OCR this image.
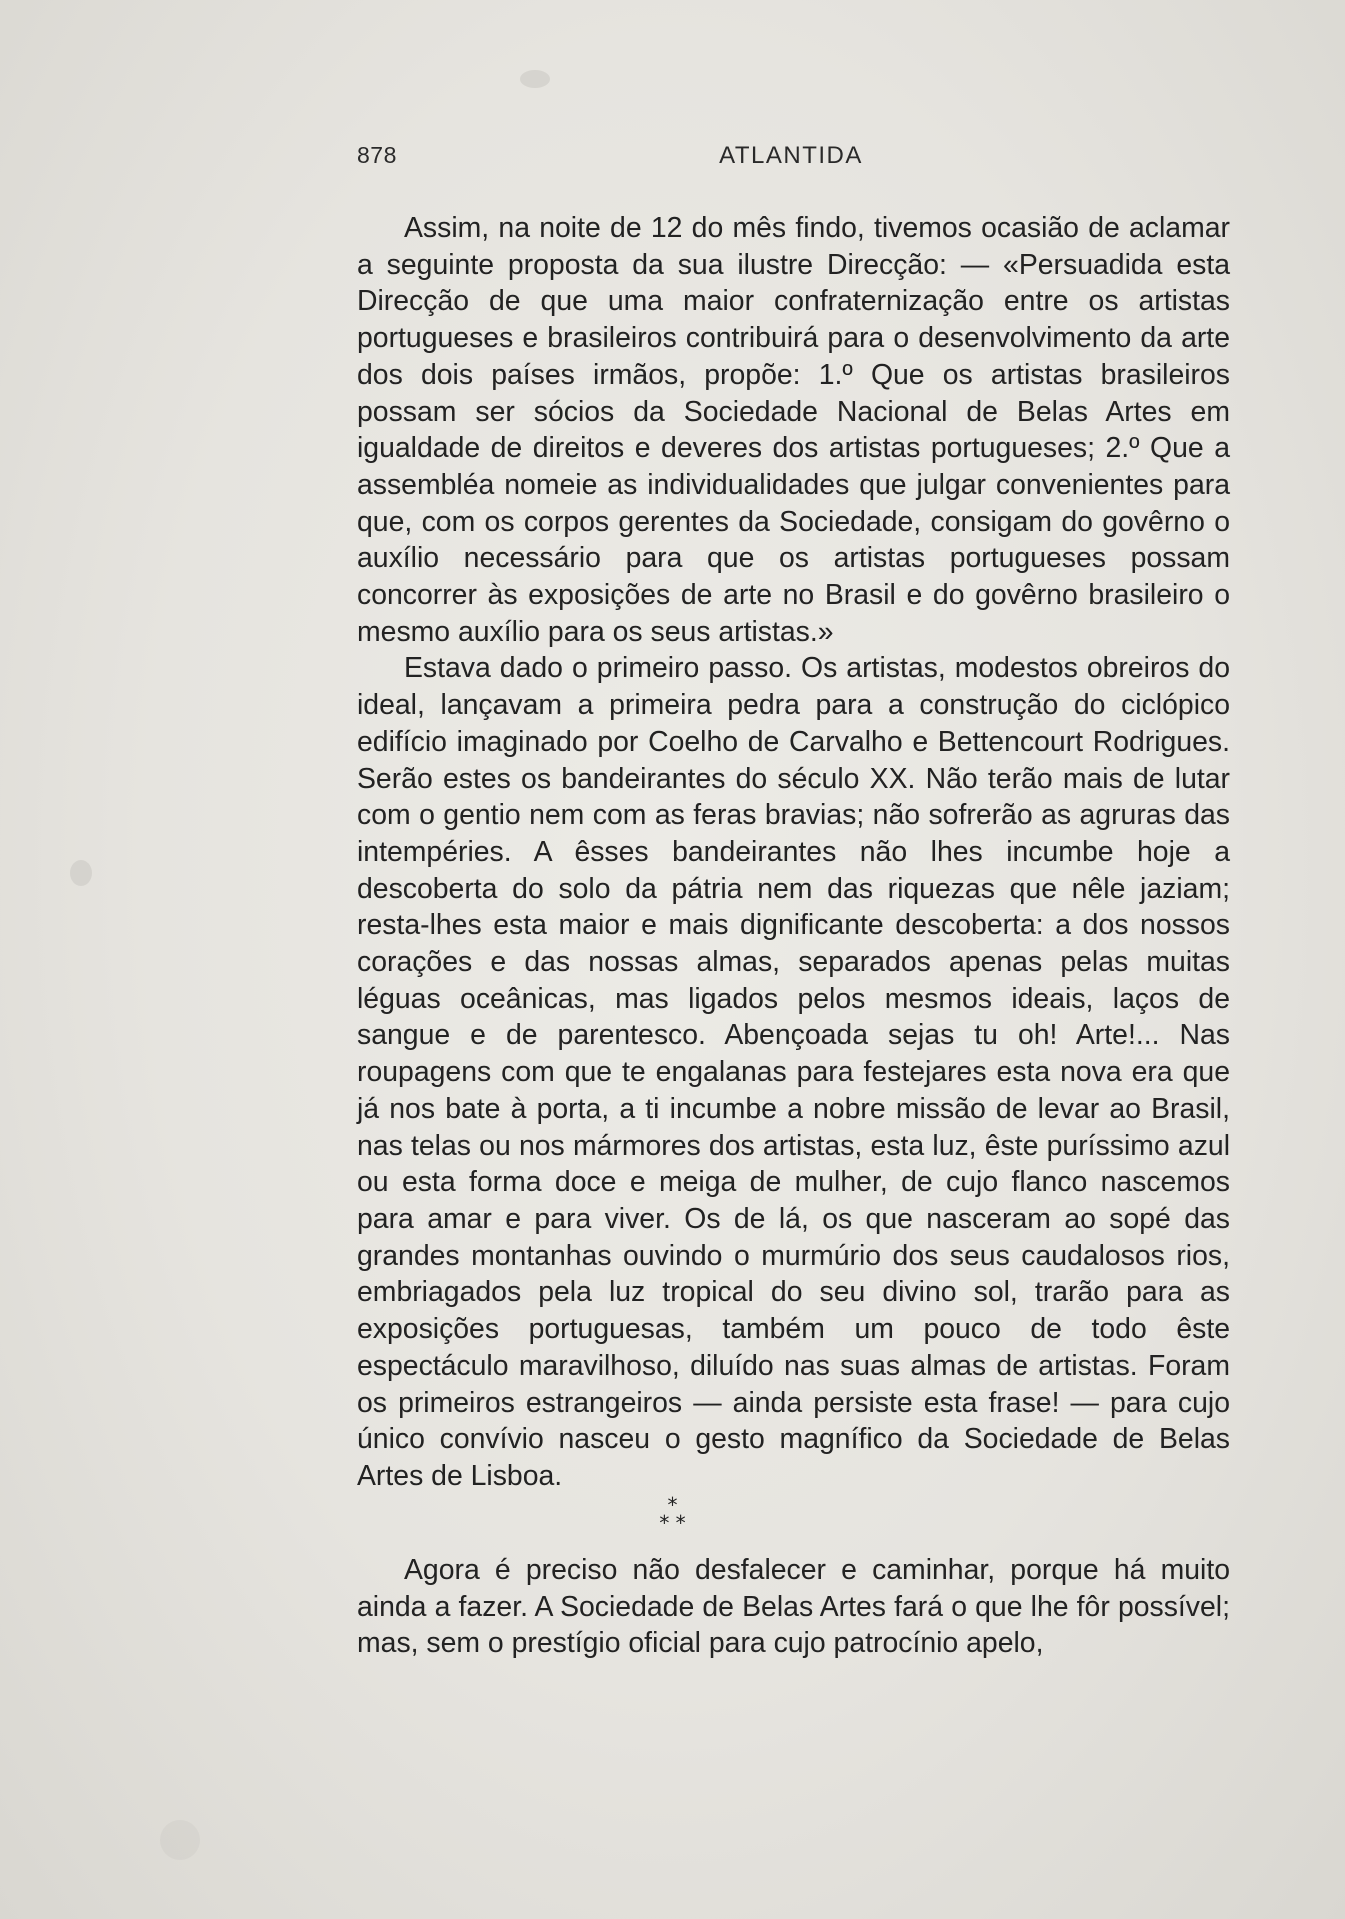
878	ATLANTIDA

Assim, na noite de 12 do mês findo, tivemos ocasião de aclamar a seguinte proposta da sua ilustre Direcção: — «Persuadida esta Direcção de que uma maior confraternização entre os artistas portugueses e brasileiros contribuirá para o desenvolvimento da arte dos dois países irmãos, propõe: 1.º Que os artistas brasileiros possam ser sócios da Sociedade Nacional de Belas Artes em igualdade de direitos e deveres dos artistas portugueses; 2.º Que a assembléa nomeie as individualidades que julgar convenientes para que, com os corpos gerentes da Sociedade, consigam do govêrno o auxílio necessário para que os artistas portugueses possam concorrer às exposições de arte no Brasil e do govêrno brasileiro o mesmo auxílio para os seus artistas.»

Estava dado o primeiro passo. Os artistas, modestos obreiros do ideal, lançavam a primeira pedra para a construção do ciclópico edifício imaginado por Coelho de Carvalho e Bettencourt Rodrigues. Serão estes os bandeirantes do século XX. Não terão mais de lutar com o gentio nem com as feras bravias; não sofrerão as agruras das intempéries. A êsses bandeirantes não lhes incumbe hoje a descoberta do solo da pátria nem das riquezas que nêle jaziam; resta-lhes esta maior e mais dignificante descoberta: a dos nossos corações e das nossas almas, separados apenas pelas muitas léguas oceânicas, mas ligados pelos mesmos ideais, laços de sangue e de parentesco. Abençoada sejas tu oh! Arte!... Nas roupagens com que te engalanas para festejares esta nova era que já nos bate à porta, a ti incumbe a nobre missão de levar ao Brasil, nas telas ou nos mármores dos artistas, esta luz, êste puríssimo azul ou esta forma doce e meiga de mulher, de cujo flanco nascemos para amar e para viver. Os de lá, os que nasceram ao sopé das grandes montanhas ouvindo o murmúrio dos seus caudalosos rios, embriagados pela luz tropical do seu divino sol, trarão para as exposições portuguesas, também um pouco de todo êste espectáculo maravilhoso, diluído nas suas almas de artistas. Foram os primeiros estrangeiros — ainda persiste esta frase! — para cujo único convívio nasceu o gesto magnífico da Sociedade de Belas Artes de Lisboa.

*
* *

Agora é preciso não desfalecer e caminhar, porque há muito ainda a fazer. A Sociedade de Belas Artes fará o que lhe fôr possível; mas, sem o prestígio oficial para cujo patrocínio apelo,
